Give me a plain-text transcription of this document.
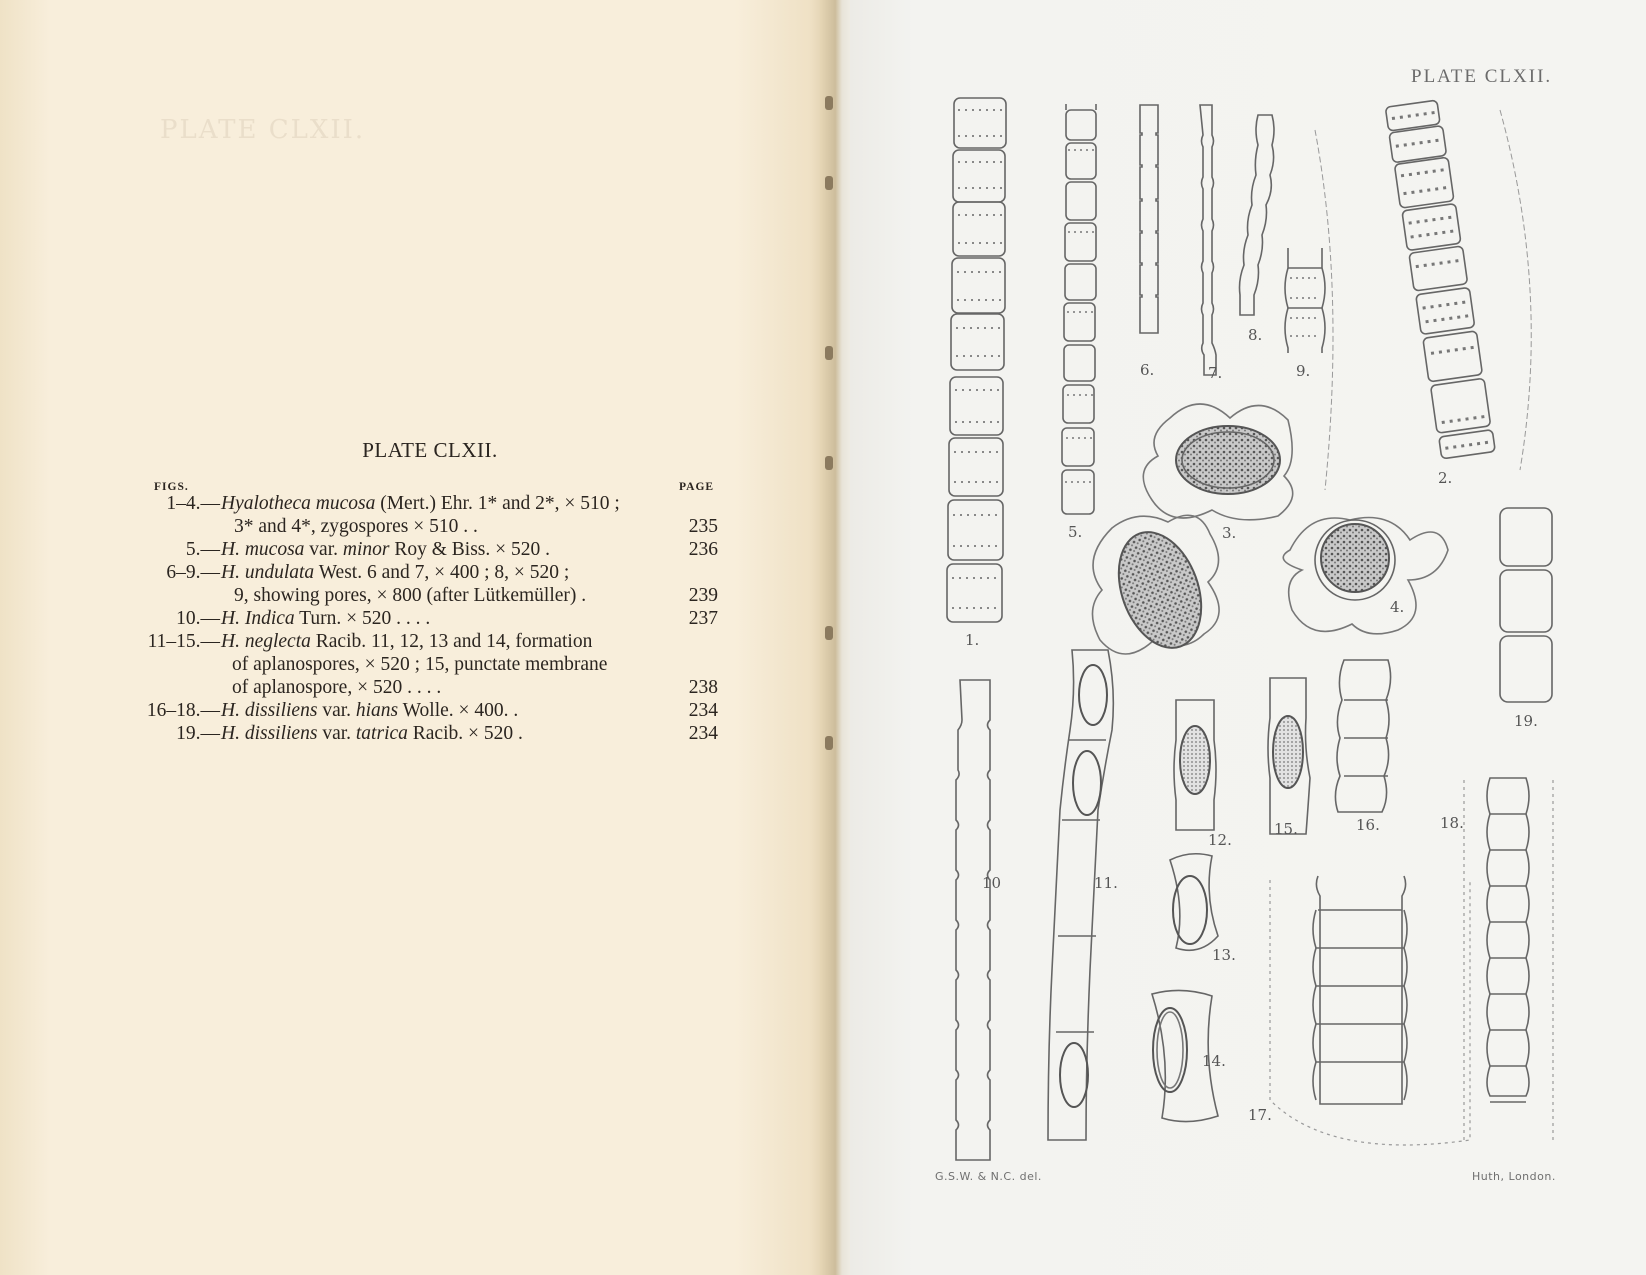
PLATE CLXII.
PLATE CLXII.
FIGS.	PAGE
1–4.— Hyalotheca mucosa (Mert.) Ehr. 1* and 2*, × 510 ;
3* and 4*, zygospores × 510 . .	235
5.— H. mucosa var. minor Roy & Biss. × 520 .	236
6–9.— H. undulata West. 6 and 7, × 400 ; 8, × 520 ;
9, showing pores, × 800 (after Lütkemüller) .	239
10.— H. Indica Turn. × 520 . . . .	237
11–15.— H. neglecta Racib. 11, 12, 13 and 14, formation
of aplanospores, × 520 ; 15, punctate membrane
of aplanospore, × 520 . . . .	238
16–18.— H. dissiliens var. hians Wolle. × 400. .	234
19.— H. dissiliens var. tatrica Racib. × 520 .	234
PLATE CLXII.
1.
2.
3.
4.
5.
6.	7.
8.
9.
10	11.
12.
13.
14.
15.	16.
17.
18.
19.
G.S.W. & N.C. del.	Huth, London.
